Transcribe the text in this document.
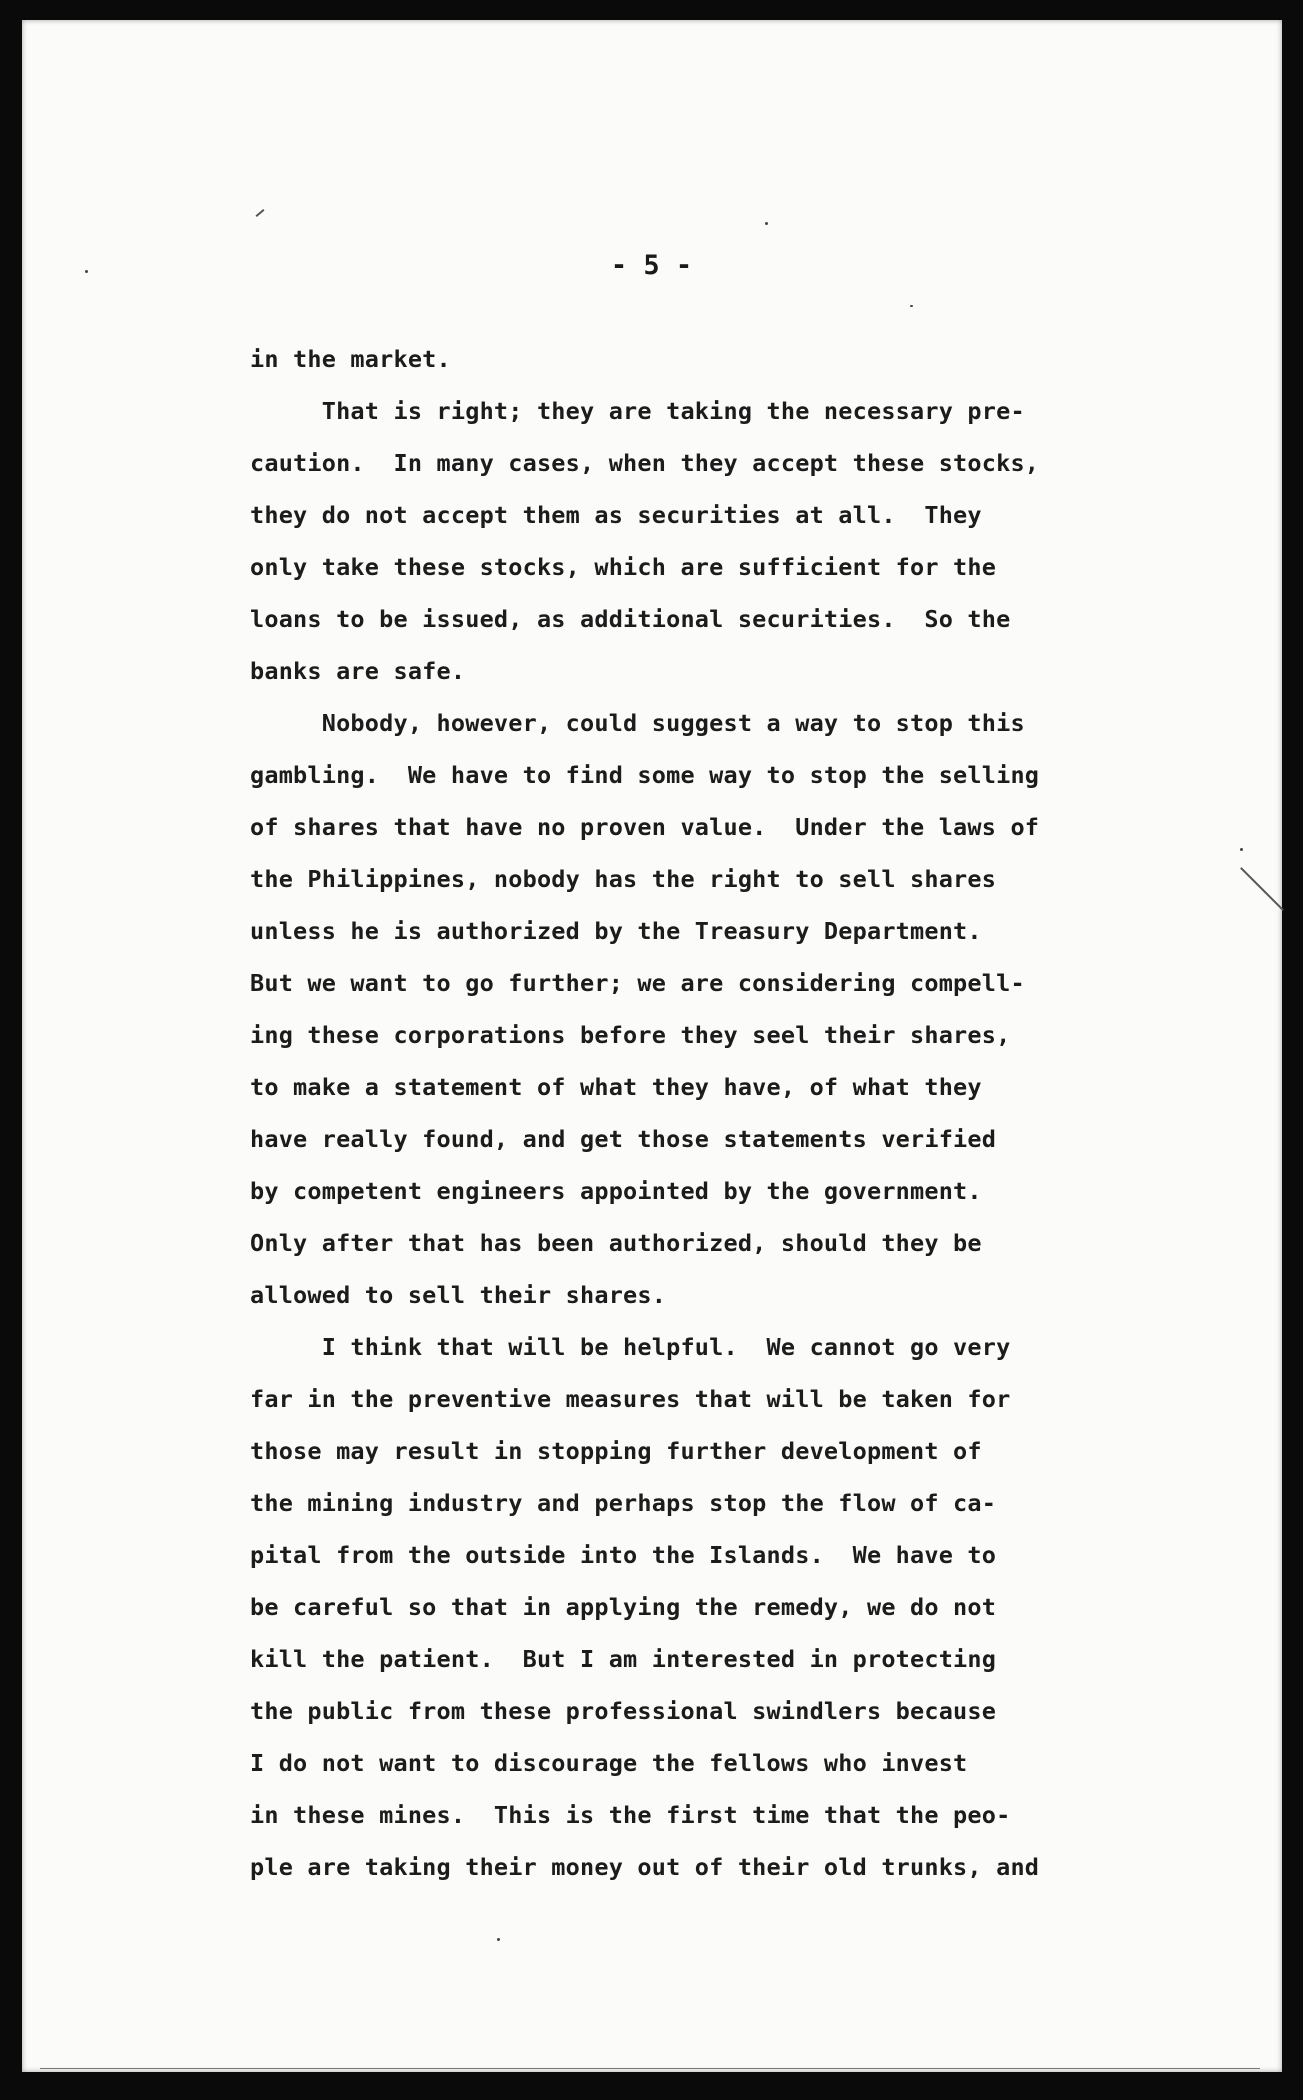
- 5 -

in the market.
That is right; they are taking the necessary pre-
caution.  In many cases, when they accept these stocks,
they do not accept them as securities at all.  They
only take these stocks, which are sufficient for the
loans to be issued, as additional securities.  So the
banks are safe.
Nobody, however, could suggest a way to stop this
gambling.  We have to find some way to stop the selling
of shares that have no proven value.  Under the laws of
the Philippines, nobody has the right to sell shares
unless he is authorized by the Treasury Department.
But we want to go further; we are considering compell-
ing these corporations before they seel their shares,
to make a statement of what they have, of what they
have really found, and get those statements verified
by competent engineers appointed by the government.
Only after that has been authorized, should they be
allowed to sell their shares.
I think that will be helpful.  We cannot go very
far in the preventive measures that will be taken for
those may result in stopping further development of
the mining industry and perhaps stop the flow of ca-
pital from the outside into the Islands.  We have to
be careful so that in applying the remedy, we do not
kill the patient.  But I am interested in protecting
the public from these professional swindlers because
I do not want to discourage the fellows who invest
in these mines.  This is the first time that the peo-
ple are taking their money out of their old trunks, and
